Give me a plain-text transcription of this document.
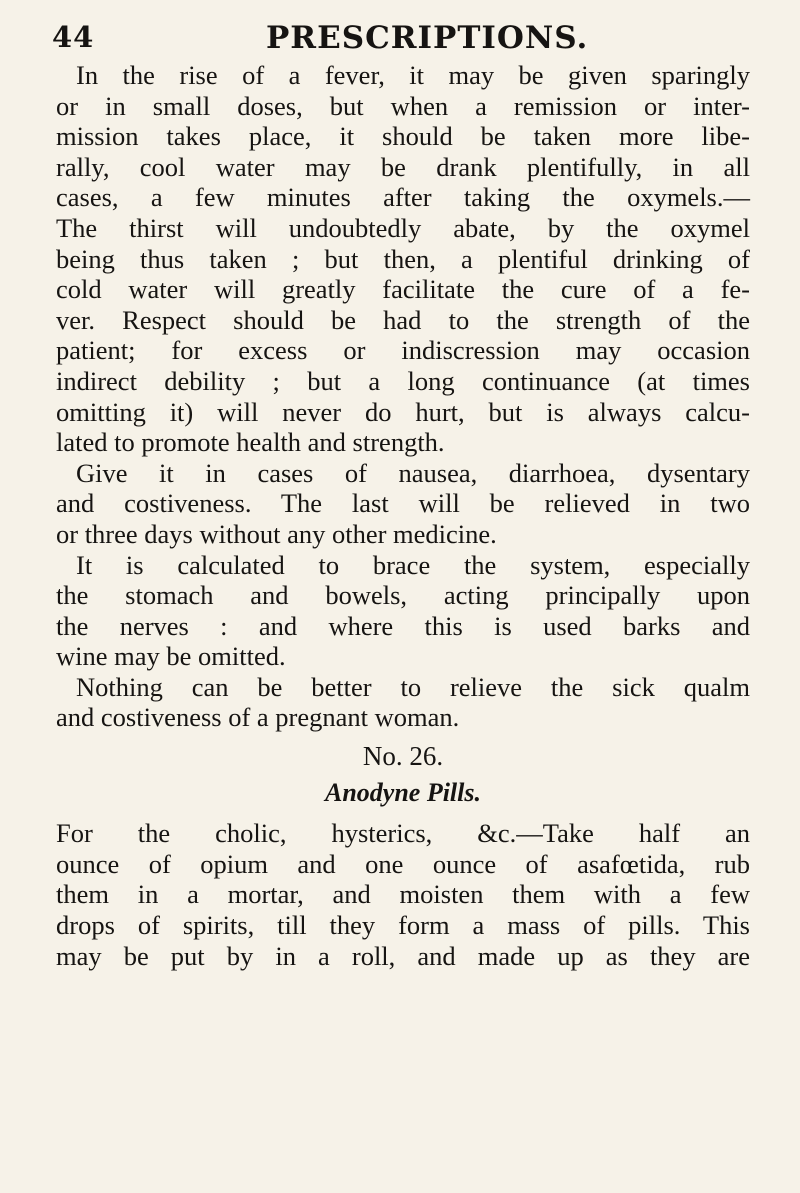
44	PRESCRIPTIONS.
In the rise of a fever, it may be given sparingly
or in small doses, but when a remission or inter-
mission takes place, it should be taken more libe-
rally, cool water may be drank plentifully, in all
cases, a few minutes after taking the oxymels.—
The thirst will undoubtedly abate, by the oxymel
being thus taken ; but then, a plentiful drinking of
cold water will greatly facilitate the cure of a fe-
ver. Respect should be had to the strength of the
patient; for excess or indiscression may occasion
indirect debility ; but a long continuance (at times
omitting it) will never do hurt, but is always calcu-
lated to promote health and strength.
Give it in cases of nausea, diarrhoea, dysentary
and costiveness. The last will be relieved in two
or three days without any other medicine.
It is calculated to brace the system, especially
the stomach and bowels, acting principally upon
the nerves : and where this is used barks and
wine may be omitted.
Nothing can be better to relieve the sick qualm
and costiveness of a pregnant woman.
No. 26.
Anodyne Pills.
For the cholic, hysterics, &c.—Take half an
ounce of opium and one ounce of asafœtida, rub
them in a mortar, and moisten them with a few
drops of spirits, till they form a mass of pills. This
may be put by in a roll, and made up as they are
